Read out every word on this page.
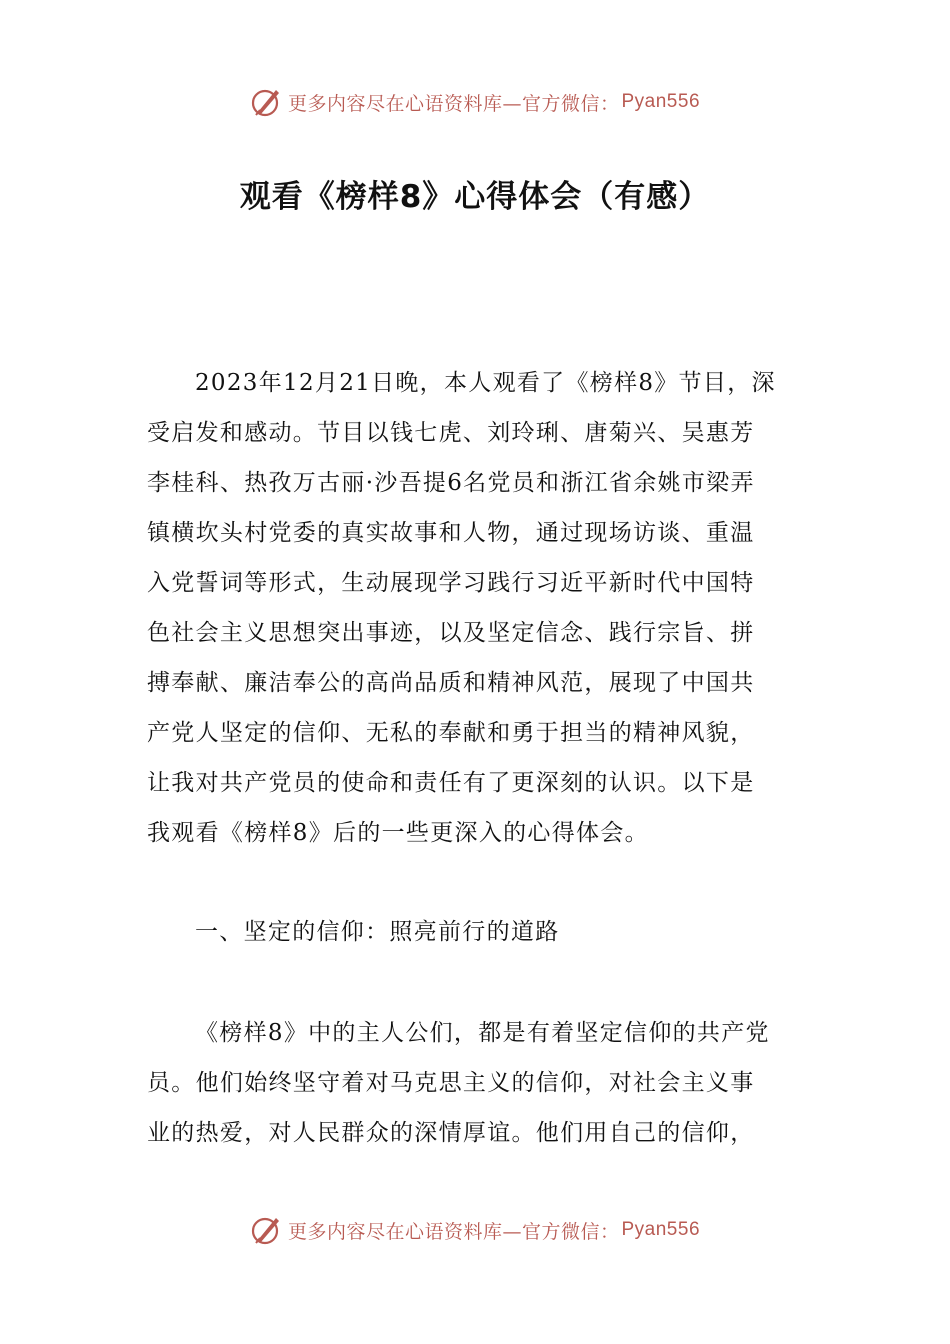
更多内容尽在心语资料库—官方微信： Pyan556
观看《榜样8》心得体会（有感）
2023年12月21日晚，本人观看了《榜样8》节目，深
受启发和感动。节目以钱七虎、刘玲琍、唐菊兴、吴惠芳
李桂科、热孜万古丽·沙吾提6名党员和浙江省余姚市梁弄
镇横坎头村党委的真实故事和人物，通过现场访谈、重温
入党誓词等形式，生动展现学习践行习近平新时代中国特
色社会主义思想突出事迹，以及坚定信念、践行宗旨、拼
搏奉献、廉洁奉公的高尚品质和精神风范，展现了中国共
产党人坚定的信仰、无私的奉献和勇于担当的精神风貌，
让我对共产党员的使命和责任有了更深刻的认识。以下是
我观看《榜样8》后的一些更深入的心得体会。
一、坚定的信仰：照亮前行的道路
《榜样8》中的主人公们，都是有着坚定信仰的共产党
员。他们始终坚守着对马克思主义的信仰，对社会主义事
业的热爱，对人民群众的深情厚谊。他们用自己的信仰，
更多内容尽在心语资料库—官方微信： Pyan556
